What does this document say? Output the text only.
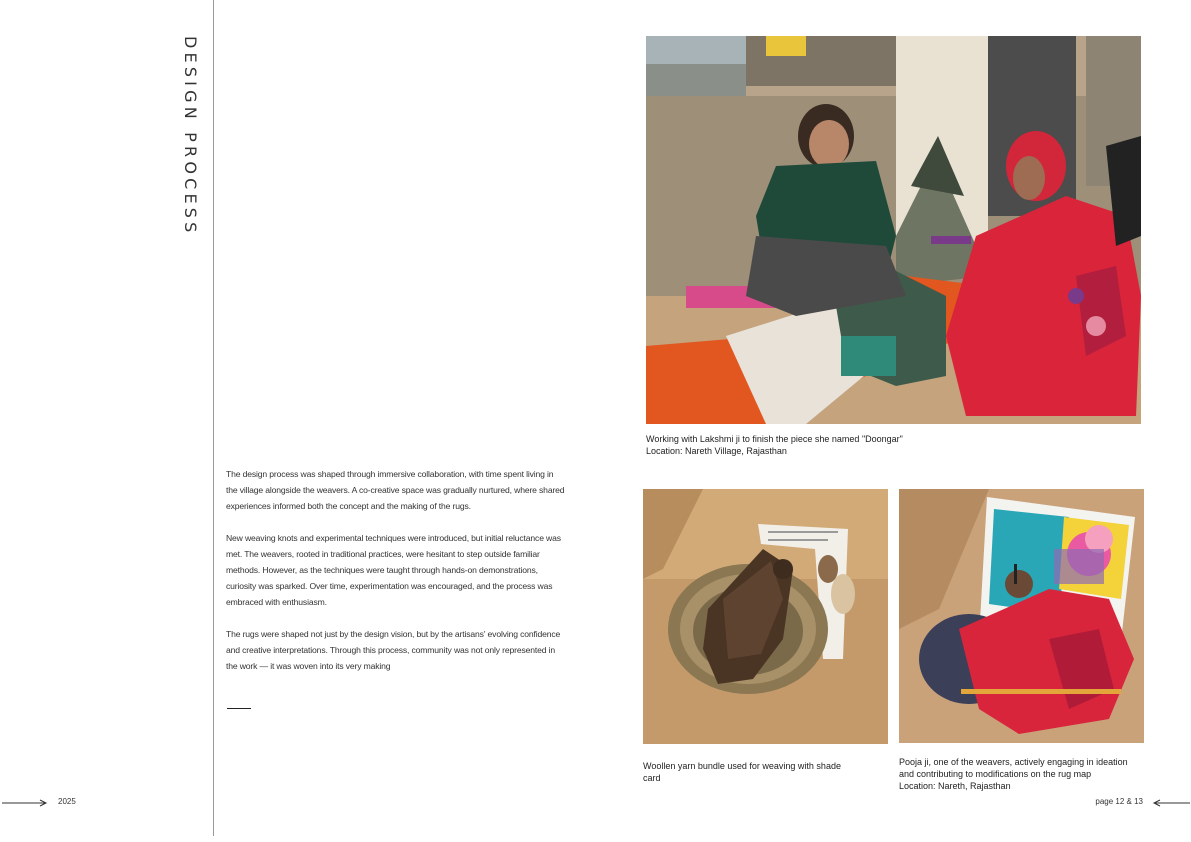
DESIGN PROCESS

The design process was shaped through immersive collaboration, with time spent living in the village alongside the weavers. A co-creative space was gradually nurtured, where shared experiences informed both the concept and the making of the rugs.

New weaving knots and experimental techniques were introduced, but initial reluctance was met. The weavers, rooted in traditional practices, were hesitant to step outside familiar methods. However, as the techniques were taught through hands-on demonstrations, curiosity was sparked. Over time, experimentation was encouraged, and the process was embraced with enthusiasm.

The rugs were shaped not just by the design vision, but by the artisans' evolving confidence and creative interpretations. Through this process, community was not only represented in the work — it was woven into its very making

Working with Lakshmi ji to finish the piece she named "Doongar"
Location: Nareth Village, Rajasthan
Woollen yarn bundle used for weaving with shade
card
Pooja ji, one of the weavers, actively engaging in ideation
and contributing to modifications on the rug map
Location: Nareth, Rajasthan
2025	page 12 & 13
